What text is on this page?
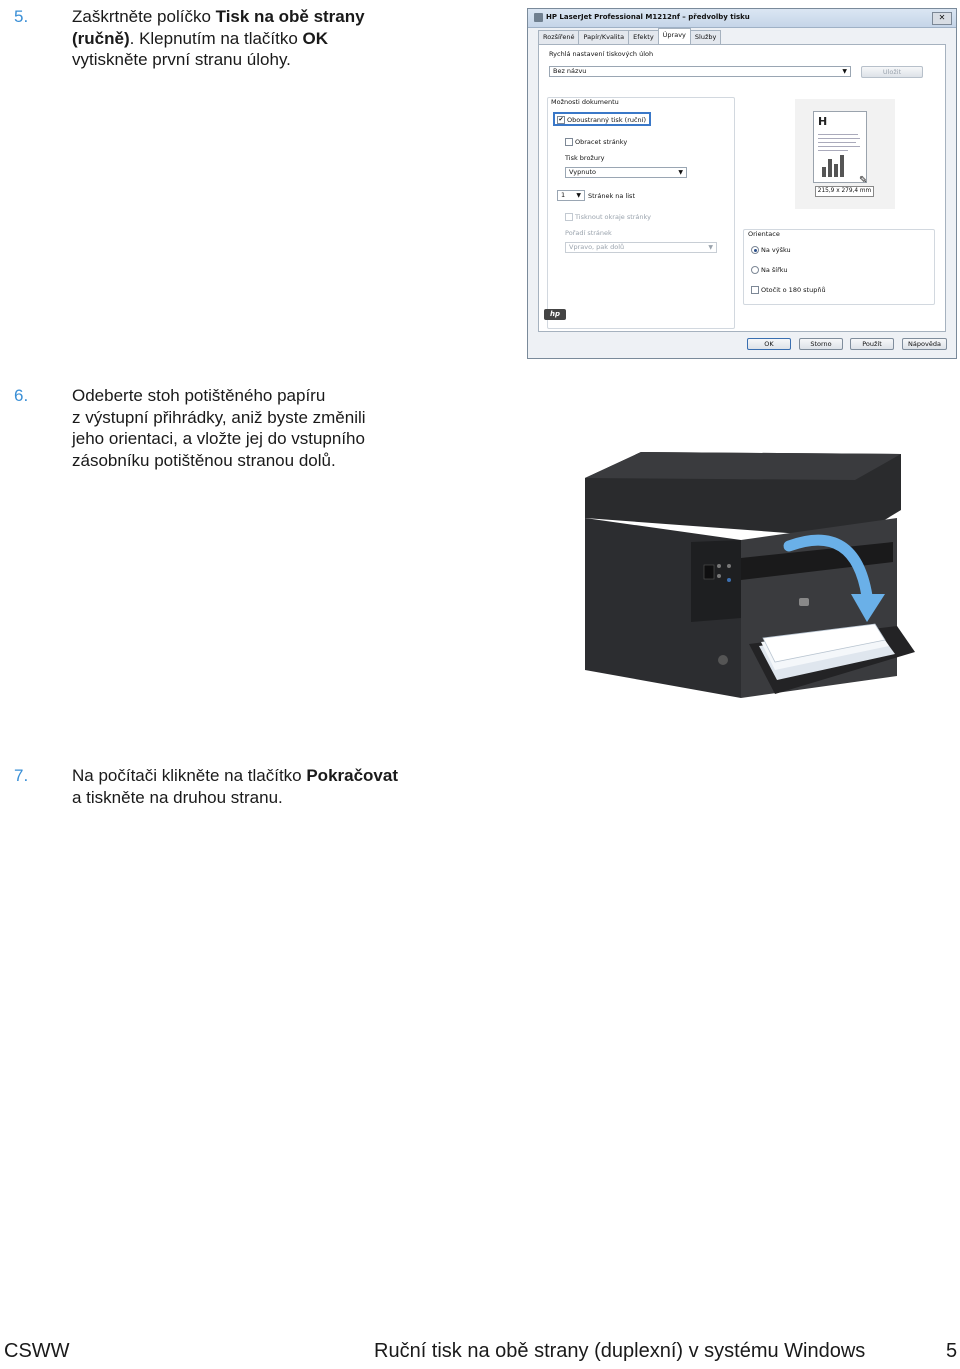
5.	Zaškrtněte políčko Tisk na obě strany
(ručně). Klepnutím na tlačítko OK
vytiskněte první stranu úlohy.
HP LaserJet Professional M1212nf – předvolby tisku	✕
Rozšířené	Papír/Kvalita	Efekty	Úpravy	Služby
Rychlá nastavení tiskových úloh
Bez názvu	▼	Uložit
Možnosti dokumentu
✔ Oboustranný tisk (ruční)
Obracet stránky
Tisk brožury
Vypnuto	▼
1 ▼ Stránek na list
Tisknout okraje stránky
Pořadí stránek
Vpravo, pak dolů	▼
H
✎
215,9 x 279,4 mm
Orientace
Na výšku
Na šířku
Otočit o 180 stupňů
hp
OK	Storno	Použít	Nápověda
6.	Odeberte stoh potištěného papíru
z výstupní přihrádky, aniž byste změnili
jeho orientaci, a vložte jej do vstupního
zásobníku potištěnou stranou dolů.
7.	Na počítači klikněte na tlačítko Pokračovat
a tiskněte na druhou stranu.
CSWW	Ruční tisk na obě strany (duplexní) v systému Windows	5
